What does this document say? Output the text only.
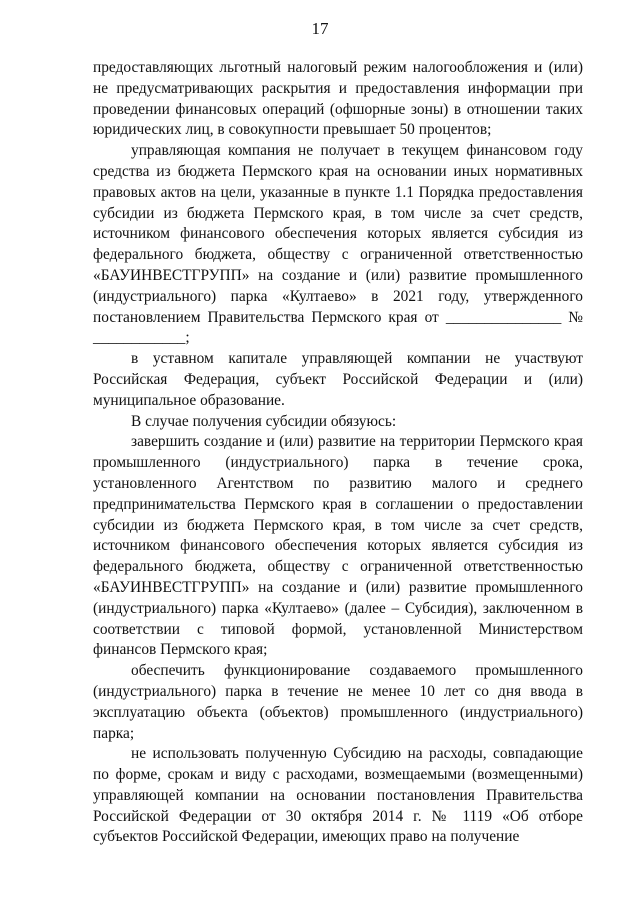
17

предоставляющих льготный налоговый режим налогообложения и (или) не предусматривающих раскрытия и предоставления информации при проведении финансовых операций (офшорные зоны) в отношении таких юридических лиц, в совокупности превышает 50 процентов;

управляющая компания не получает в текущем финансовом году средства из бюджета Пермского края на основании иных нормативных правовых актов на цели, указанные в пункте 1.1 Порядка предоставления субсидии из бюджета Пермского края, в том числе за счет средств, источником финансового обеспечения которых является субсидия из федерального бюджета, обществу с ограниченной ответственностью «БАУИНВЕСТГРУПП» на создание и (или) развитие промышленного (индустриального) парка «Култаево» в 2021 году, утвержденного постановлением Правительства Пермского края от _______________ № ____________;

в уставном капитале управляющей компании не участвуют Российская Федерация, субъект Российской Федерации и (или) муниципальное образование.

В случае получения субсидии обязуюсь:

завершить создание и (или) развитие на территории Пермского края промышленного (индустриального) парка в течение срока, установленного Агентством по развитию малого и среднего предпринимательства Пермского края в соглашении о предоставлении субсидии из бюджета Пермского края, в том числе за счет средств, источником финансового обеспечения которых является субсидия из федерального бюджета, обществу с ограниченной ответственностью «БАУИНВЕСТГРУПП» на создание и (или) развитие промышленного (индустриального) парка «Култаево» (далее – Субсидия), заключенном в соответствии с типовой формой, установленной Министерством финансов Пермского края;

обеспечить функционирование создаваемого промышленного (индустриального) парка в течение не менее 10 лет со дня ввода в эксплуатацию объекта (объектов) промышленного (индустриального) парка;

не использовать полученную Субсидию на расходы, совпадающие по форме, срокам и виду с расходами, возмещаемыми (возмещенными) управляющей компании на основании постановления Правительства Российской Федерации от 30 октября 2014 г. № 1119 «Об отборе субъектов Российской Федерации, имеющих право на получение
